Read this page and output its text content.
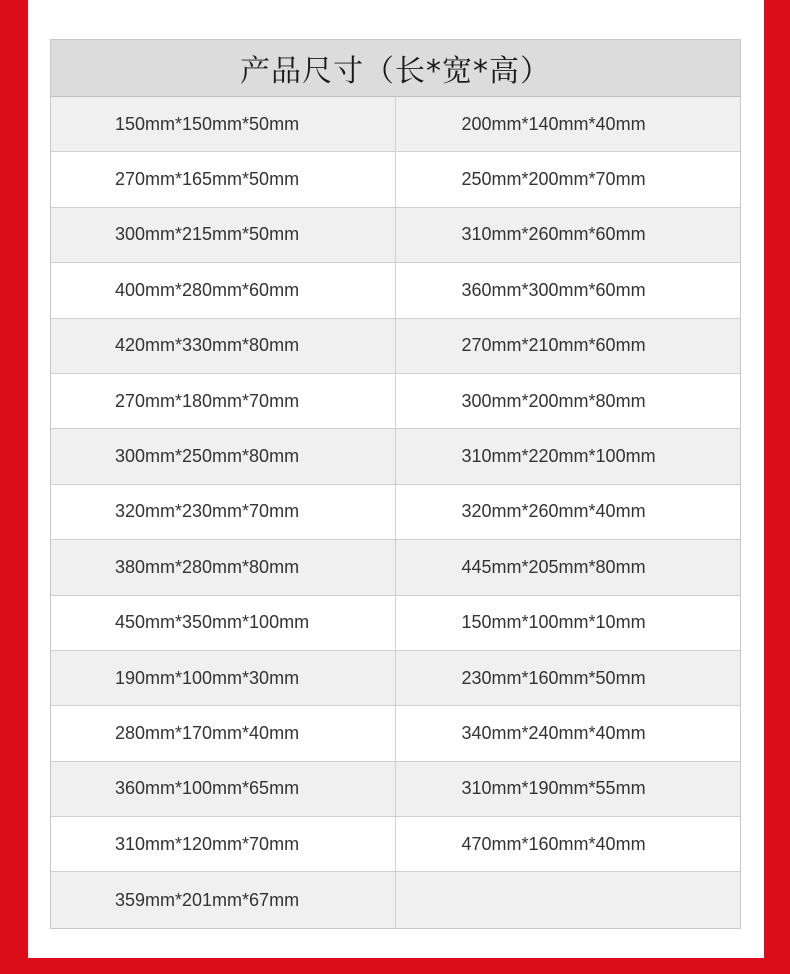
产品尺寸（长*宽*高）
150mm*150mm*50mm	200mm*140mm*40mm
270mm*165mm*50mm	250mm*200mm*70mm
300mm*215mm*50mm	310mm*260mm*60mm
400mm*280mm*60mm	360mm*300mm*60mm
420mm*330mm*80mm	270mm*210mm*60mm
270mm*180mm*70mm	300mm*200mm*80mm
300mm*250mm*80mm	310mm*220mm*100mm
320mm*230mm*70mm	320mm*260mm*40mm
380mm*280mm*80mm	445mm*205mm*80mm
450mm*350mm*100mm	150mm*100mm*10mm
190mm*100mm*30mm	230mm*160mm*50mm
280mm*170mm*40mm	340mm*240mm*40mm
360mm*100mm*65mm	310mm*190mm*55mm
310mm*120mm*70mm	470mm*160mm*40mm
359mm*201mm*67mm
